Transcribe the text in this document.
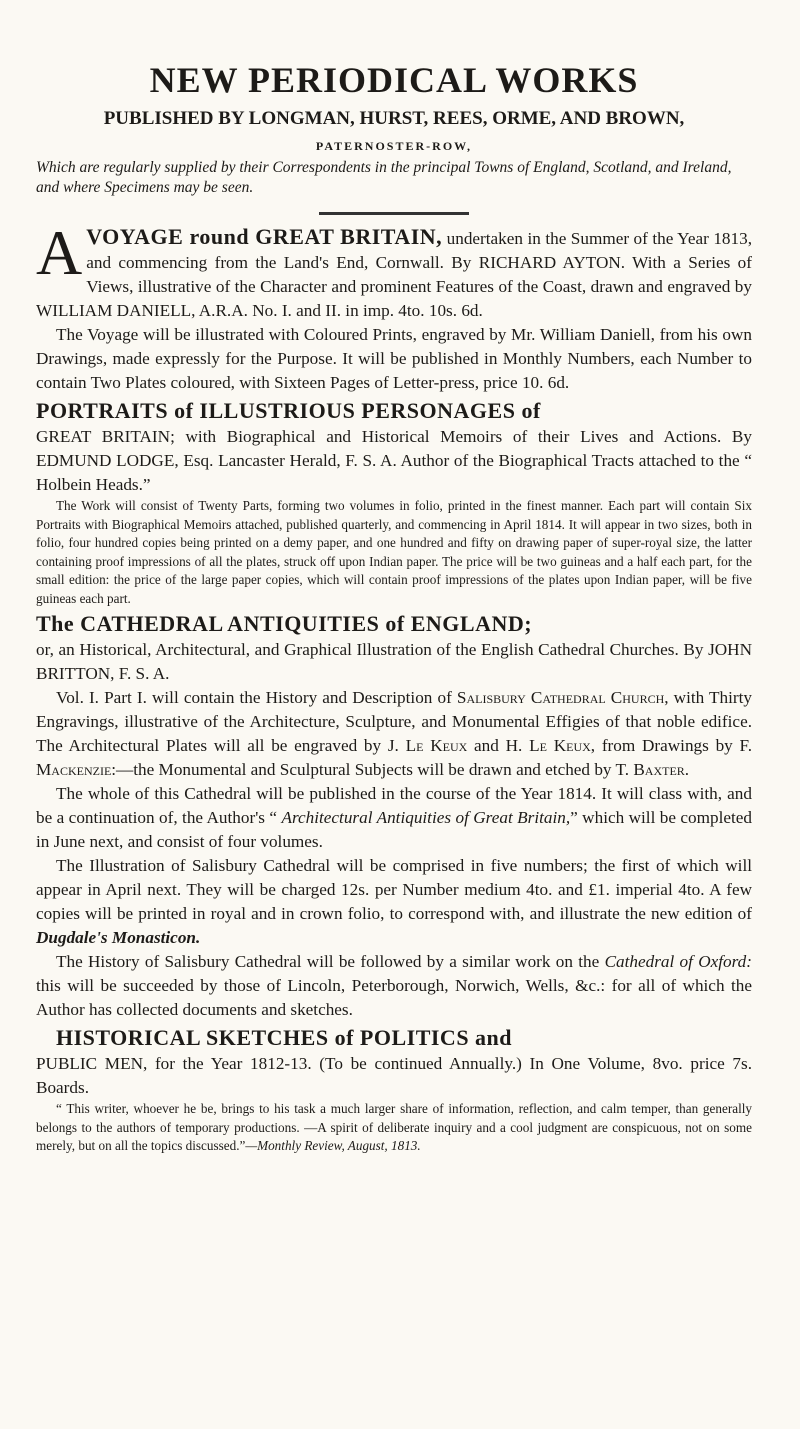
NEW PERIODICAL WORKS

PUBLISHED BY LONGMAN, HURST, REES, ORME, AND BROWN,

PATERNOSTER-ROW,

Which are regularly supplied by their Correspondents in the principal Towns of England, Scotland, and Ireland, and where Specimens may be seen.

AVOYAGE round GREAT BRITAIN, undertaken in the Summer of the Year 1813, and commencing from the Land's End, Cornwall. By RICHARD AYTON. With a Series of Views, illustrative of the Character and prominent Features of the Coast, drawn and engraved by WILLIAM DANIELL, A.R.A. No. I. and II. in imp. 4to. 10s. 6d.

The Voyage will be illustrated with Coloured Prints, engraved by Mr. William Daniell, from his own Drawings, made expressly for the Purpose. It will be published in Monthly Numbers, each Number to contain Two Plates coloured, with Sixteen Pages of Letter-press, price 10. 6d.

PORTRAITS of ILLUSTRIOUS PERSONAGES of

GREAT BRITAIN; with Biographical and Historical Memoirs of their Lives and Actions. By EDMUND LODGE, Esq. Lancaster Herald, F. S. A. Author of the Biographical Tracts attached to the “ Holbein Heads.”

The Work will consist of Twenty Parts, forming two volumes in folio, printed in the finest manner. Each part will contain Six Portraits with Biographical Memoirs attached, published quarterly, and commencing in April 1814. It will appear in two sizes, both in folio, four hundred copies being printed on a demy paper, and one hundred and fifty on drawing paper of super-royal size, the latter containing proof impressions of all the plates, struck off upon Indian paper. The price will be two guineas and a half each part, for the small edition: the price of the large paper copies, which will contain proof impressions of the plates upon Indian paper, will be five guineas each part.

The CATHEDRAL ANTIQUITIES of ENGLAND;

or, an Historical, Architectural, and Graphical Illustration of the English Cathedral Churches. By JOHN BRITTON, F. S. A.

Vol. I. Part I. will contain the History and Description of Salisbury Cathedral Church, with Thirty Engravings, illustrative of the Architecture, Sculpture, and Monumental Effigies of that noble edifice. The Architectural Plates will all be engraved by J. Le Keux and H. Le Keux, from Drawings by F. Mackenzie:—the Monumental and Sculptural Subjects will be drawn and etched by T. Baxter.

The whole of this Cathedral will be published in the course of the Year 1814. It will class with, and be a continuation of, the Author's “ Architectural Antiquities of Great Britain,” which will be completed in June next, and consist of four volumes.

The Illustration of Salisbury Cathedral will be comprised in five numbers; the first of which will appear in April next. They will be charged 12s. per Number medium 4to. and £1. imperial 4to. A few copies will be printed in royal and in crown folio, to correspond with, and illustrate the new edition of Dugdale's Monasticon.

The History of Salisbury Cathedral will be followed by a similar work on the Cathedral of Oxford: this will be succeeded by those of Lincoln, Peterborough, Norwich, Wells, &c.: for all of which the Author has collected documents and sketches.

HISTORICAL SKETCHES of POLITICS and

PUBLIC MEN, for the Year 1812-13. (To be continued Annually.) In One Volume, 8vo. price 7s. Boards.

“ This writer, whoever he be, brings to his task a much larger share of information, reflection, and calm temper, than generally belongs to the authors of temporary productions. —A spirit of deliberate inquiry and a cool judgment are conspicuous, not on some merely, but on all the topics discussed.”—Monthly Review, August, 1813.
